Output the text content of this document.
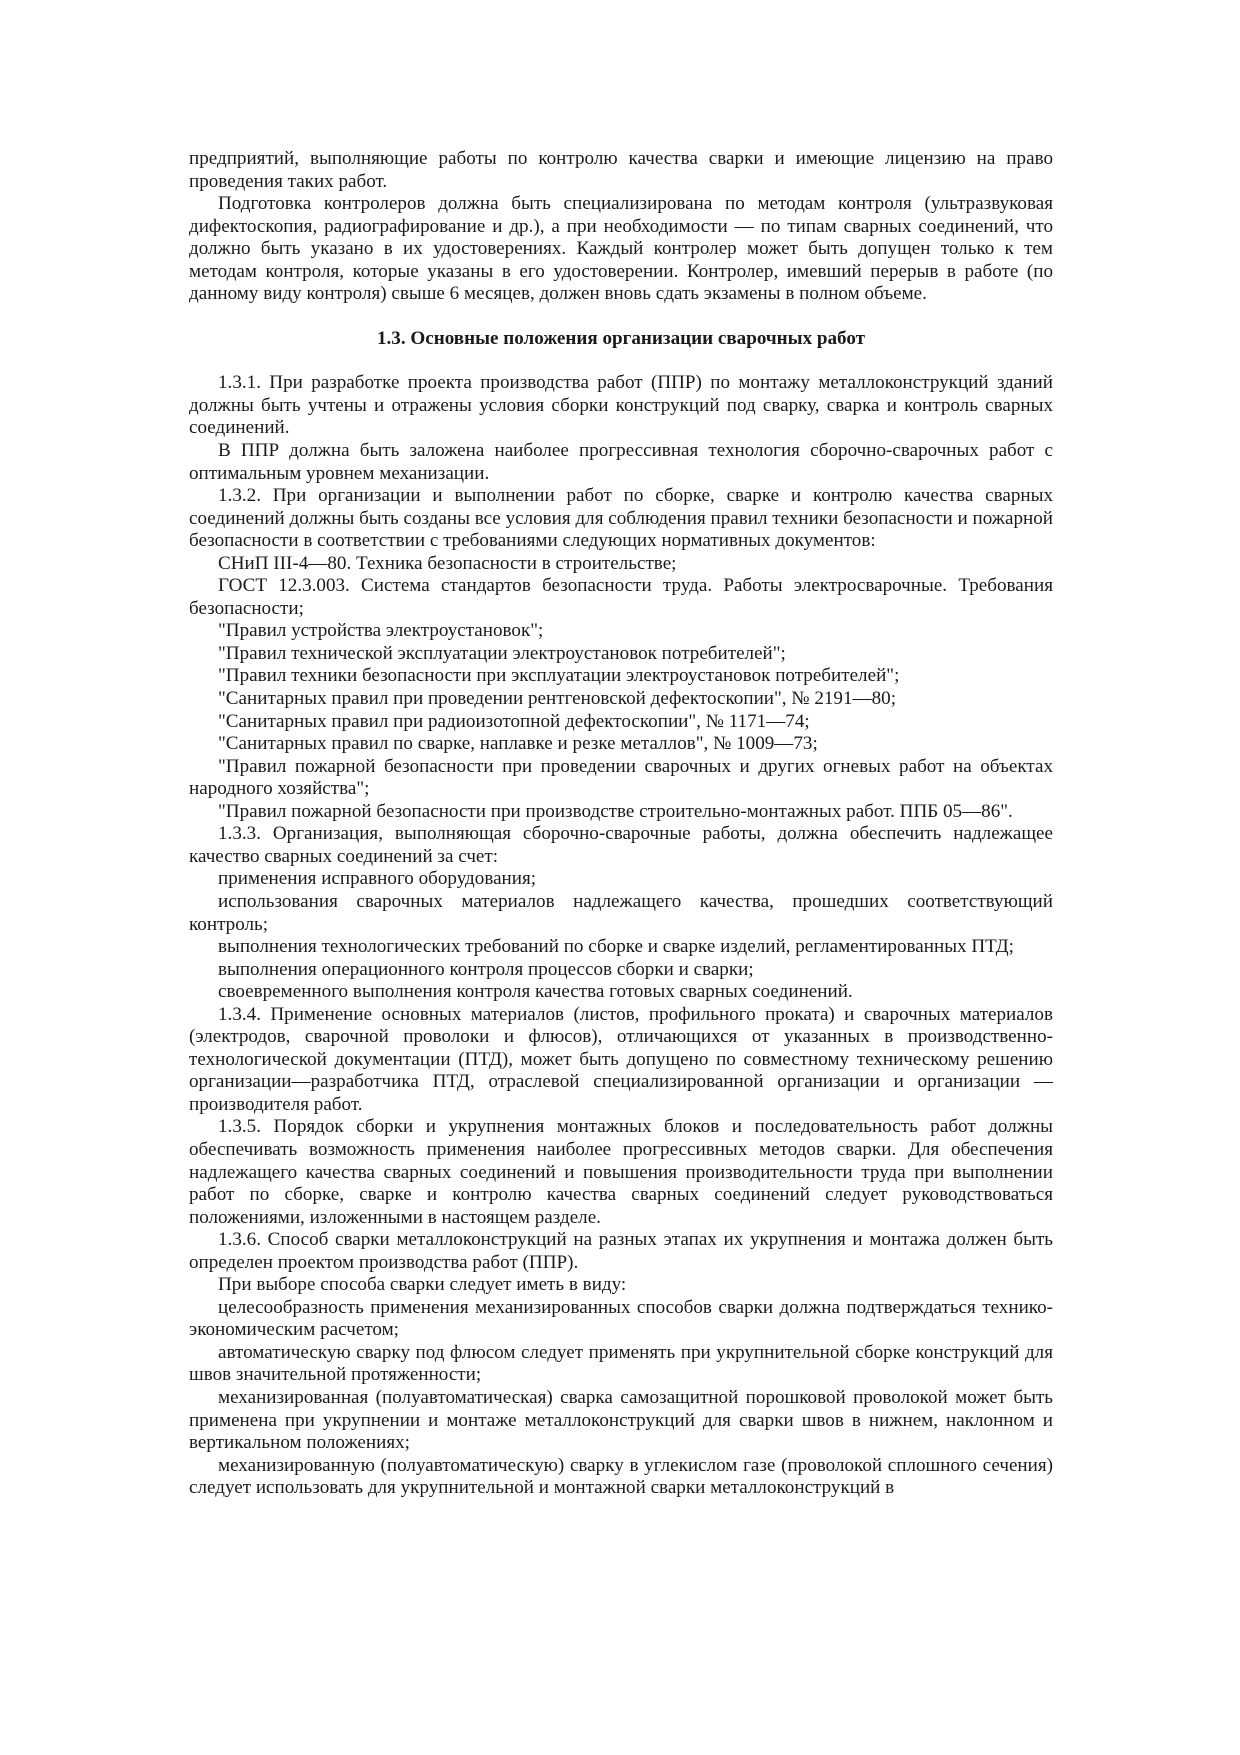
предприятий, выполняющие работы по контролю качества сварки и имеющие лицензию на право проведения таких работ.

Подготовка контролеров должна быть специализирована по методам контроля (ультразвуковая дифектоскопия, радиографирование и др.), а при необходимости — по типам сварных соединений, что должно быть указано в их удостоверениях. Каждый контролер может быть допущен только к тем методам контроля, которые указаны в его удостоверении. Контролер, имевший перерыв в работе (по данному виду контроля) свыше 6 месяцев, должен вновь сдать экзамены в полном объеме.

1.3. Основные положения организации сварочных работ

1.3.1. При разработке проекта производства работ (ППР) по монтажу металлоконструкций зданий должны быть учтены и отражены условия сборки конструкций под сварку, сварка и контроль сварных соединений.

В ППР должна быть заложена наиболее прогрессивная технология сборочно-сварочных работ с оптимальным уровнем механизации.

1.3.2. При организации и выполнении работ по сборке, сварке и контролю качества сварных соединений должны быть созданы все условия для соблюдения правил техники безопасности и пожарной безопасности в соответствии с требованиями следующих нормативных документов:

СНиП III-4—80. Техника безопасности в строительстве;

ГОСТ 12.3.003. Система стандартов безопасности труда. Работы электросварочные. Требования безопасности;

"Правил устройства электроустановок";

"Правил технической эксплуатации электроустановок потребителей";

"Правил техники безопасности при эксплуатации электроустановок потребителей";

"Санитарных правил при проведении рентгеновской дефектоскопии", № 2191—80;

"Санитарных правил при радиоизотопной дефектоскопии", № 1171—74;

"Санитарных правил по сварке, наплавке и резке металлов", № 1009—73;

"Правил пожарной безопасности при проведении сварочных и других огневых работ на объектах народного хозяйства";

"Правил пожарной безопасности при производстве строительно-монтажных работ. ППБ 05—86".

1.3.3. Организация, выполняющая сборочно-сварочные работы, должна обеспечить надлежащее качество сварных соединений за счет:

применения исправного оборудования;

использования сварочных материалов надлежащего качества, прошедших соответствующий контроль;

выполнения технологических требований по сборке и сварке изделий, регламентированных ПТД;

выполнения операционного контроля процессов сборки и сварки;

своевременного выполнения контроля качества готовых сварных соединений.

1.3.4. Применение основных материалов (листов, профильного проката) и сварочных материалов (электродов, сварочной проволоки и флюсов), отличающихся от указанных в производственно-технологической документации (ПТД), может быть допущено по совместному техническому решению организации—разработчика ПТД, отраслевой специализированной организации и организации — производителя работ.

1.3.5. Порядок сборки и укрупнения монтажных блоков и последовательность работ должны обеспечивать возможность применения наиболее прогрессивных методов сварки. Для обеспечения надлежащего качества сварных соединений и повышения производительности труда при выполнении работ по сборке, сварке и контролю качества сварных соединений следует руководствоваться положениями, изложенными в настоящем разделе.

1.3.6. Способ сварки металлоконструкций на разных этапах их укрупнения и монтажа должен быть определен проектом производства работ (ППР).

При выборе способа сварки следует иметь в виду:

целесообразность применения механизированных способов сварки должна подтверждаться технико-экономическим расчетом;

автоматическую сварку под флюсом следует применять при укрупнительной сборке конструкций для швов значительной протяженности;

механизированная (полуавтоматическая) сварка самозащитной порошковой проволокой может быть применена при укрупнении и монтаже металлоконструкций для сварки швов в нижнем, наклонном и вертикальном положениях;

механизированную (полуавтоматическую) сварку в углекислом газе (проволокой сплошного сечения) следует использовать для укрупнительной и монтажной сварки металлоконструкций в
